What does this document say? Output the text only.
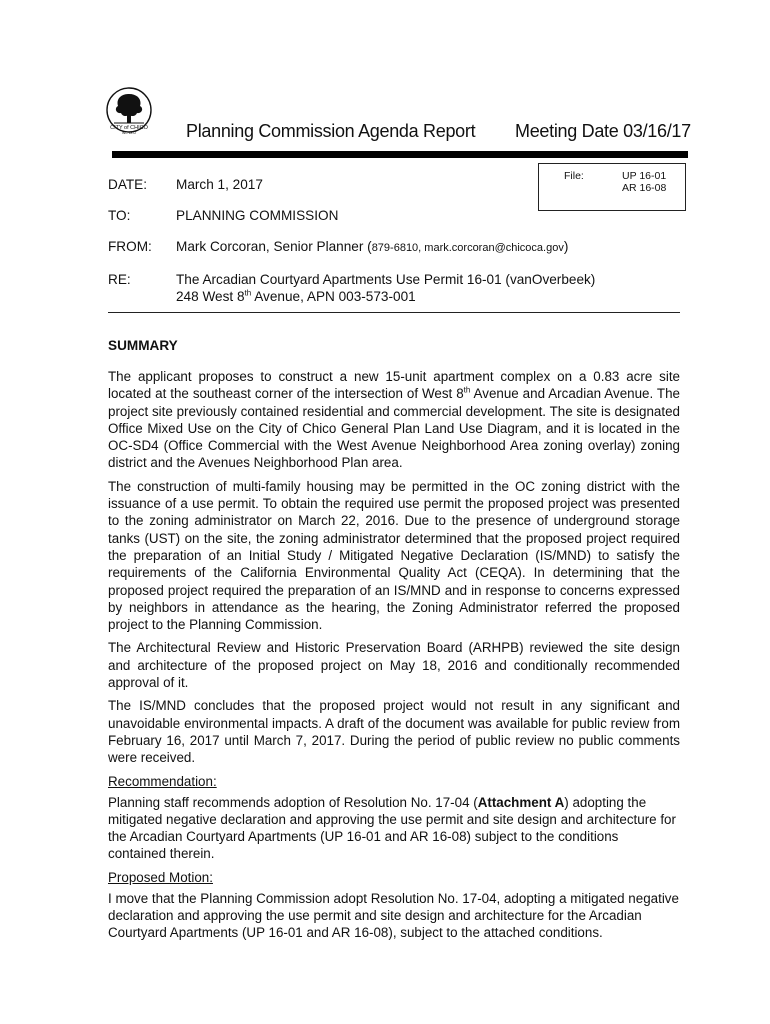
CITY of CHICO
INC 1872	Planning Commission Agenda Report Meeting Date 03/16/17
File:	UP 16-01
AR 16-08
DATE: March 1, 2017
TO:	PLANNING COMMISSION
FROM: Mark Corcoran, Senior Planner (879-6810, mark.corcoran@chicoca.gov)
RE:	The Arcadian Courtyard Apartments Use Permit 16-01 (vanOverbeek)
248 West 8th Avenue, APN 003-573-001
SUMMARY

The applicant proposes to construct a new 15-unit apartment complex on a 0.83 acre site located at the southeast corner of the intersection of West 8th Avenue and Arcadian Avenue. The project site previously contained residential and commercial development. The site is designated Office Mixed Use on the City of Chico General Plan Land Use Diagram, and it is located in the OC-SD4 (Office Commercial with the West Avenue Neighborhood Area zoning overlay) zoning district and the Avenues Neighborhood Plan area.

The construction of multi-family housing may be permitted in the OC zoning district with the issuance of a use permit. To obtain the required use permit the proposed project was presented to the zoning administrator on March 22, 2016. Due to the presence of underground storage tanks (UST) on the site, the zoning administrator determined that the proposed project required the preparation of an Initial Study / Mitigated Negative Declaration (IS/MND) to satisfy the requirements of the California Environmental Quality Act (CEQA). In determining that the proposed project required the preparation of an IS/MND and in response to concerns expressed by neighbors in attendance as the hearing, the Zoning Administrator referred the proposed project to the Planning Commission.

The Architectural Review and Historic Preservation Board (ARHPB) reviewed the site design and architecture of the proposed project on May 18, 2016 and conditionally recommended approval of it.

The IS/MND concludes that the proposed project would not result in any significant and unavoidable environmental impacts. A draft of the document was available for public review from February 16, 2017 until March 7, 2017. During the period of public review no public comments were received.

Recommendation:

Planning staff recommends adoption of Resolution No. 17-04 (Attachment A) adopting the mitigated negative declaration and approving the use permit and site design and architecture for the Arcadian Courtyard Apartments (UP 16-01 and AR 16-08) subject to the conditions contained therein.

Proposed Motion:

I move that the Planning Commission adopt Resolution No. 17-04, adopting a mitigated negative declaration and approving the use permit and site design and architecture for the Arcadian Courtyard Apartments (UP 16-01 and AR 16-08), subject to the attached conditions.
